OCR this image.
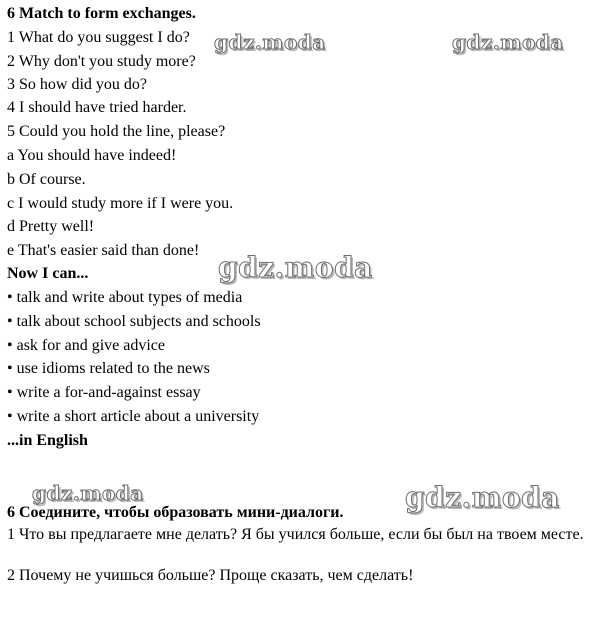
6 Match to form exchanges.
1 What do you suggest I do?
2 Why don't you study more?
3 So how did you do?
4 I should have tried harder.
5 Could you hold the line, please?
a You should have indeed!
b Of course.
c I would study more if I were you.
d Pretty well!
e That's easier said than done!
Now I can...
• talk and write about types of media
• talk about school subjects and schools
• ask for and give advice
• use idioms related to the news
• write a for-and-against essay
• write a short article about a university
...in English
6 Соедините, чтобы образовать мини-диалоги.
1 Что вы предлагаете мне делать? Я бы учился больше, если бы был на твоем месте.
2 Почему не учишься больше? Проще сказать, чем сделать!
gdz.moda	gdz.moda
gdz.moda
gdz.moda	gdz.moda
